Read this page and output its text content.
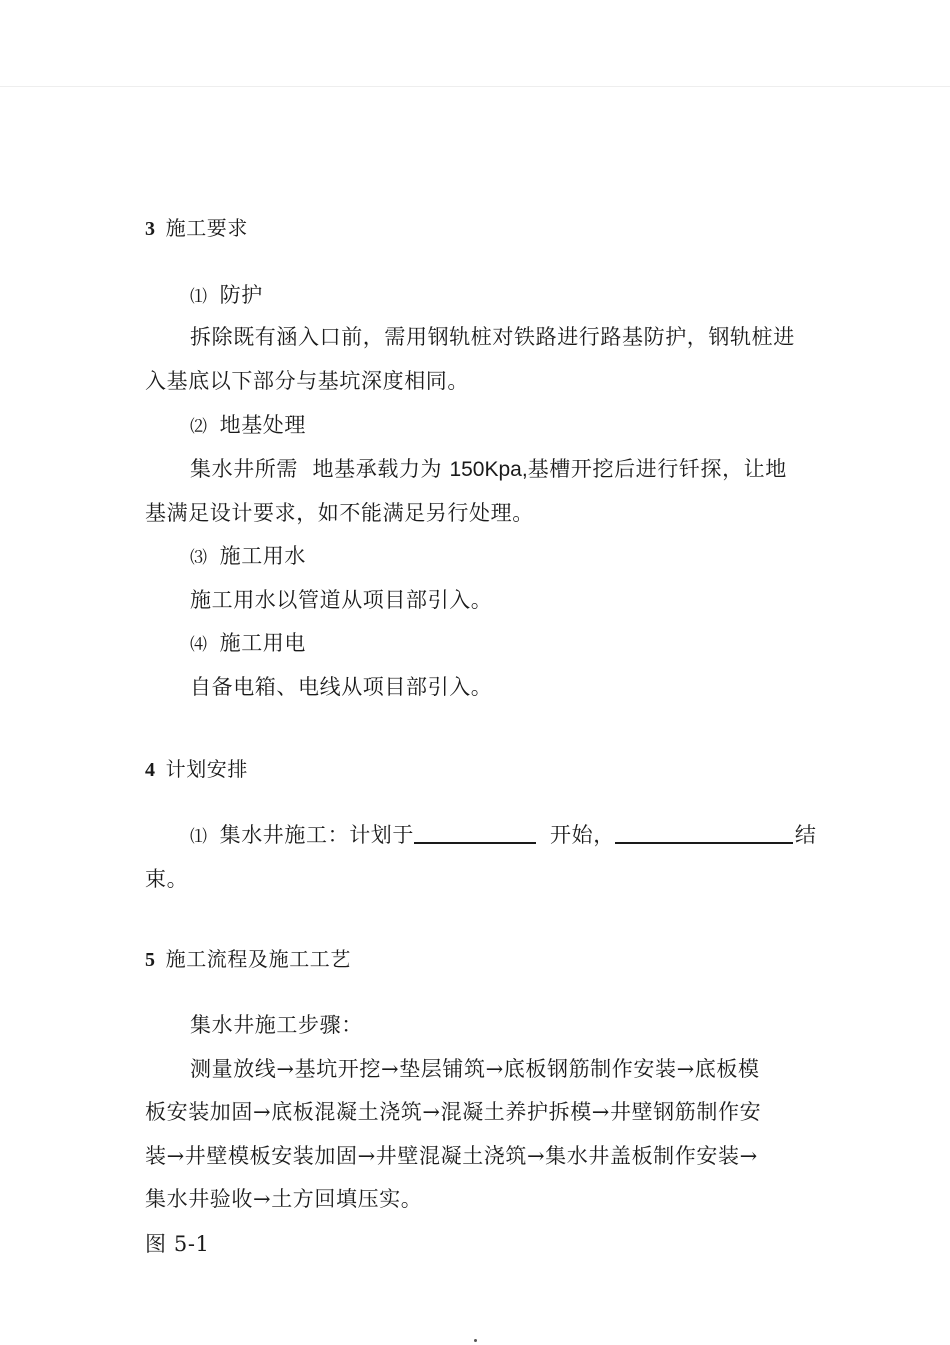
3 施工要求
⑴ 防护
拆除既有涵入口前，需用钢轨桩对铁路进行路基防护，钢轨桩进
入基底以下部分与基坑深度相同。
⑵ 地基处理
集水井所需  地基承载力为 150Kpa,基槽开挖后进行钎探，让地
基满足设计要求，如不能满足另行处理。
⑶ 施工用水
施工用水以管道从项目部引入。
⑷ 施工用电
自备电箱、电线从项目部引入。
4 计划安排
⑴ 集水井施工：计划于	开始，	结
束。
5 施工流程及施工工艺
集水井施工步骤：
测量放线→基坑开挖→垫层铺筑→底板钢筋制作安装→底板模
板安装加固→底板混凝土浇筑→混凝土养护拆模→井壁钢筋制作安
装→井壁模板安装加固→井壁混凝土浇筑→集水井盖板制作安装→
集水井验收→土方回填压实。
图 5-1
